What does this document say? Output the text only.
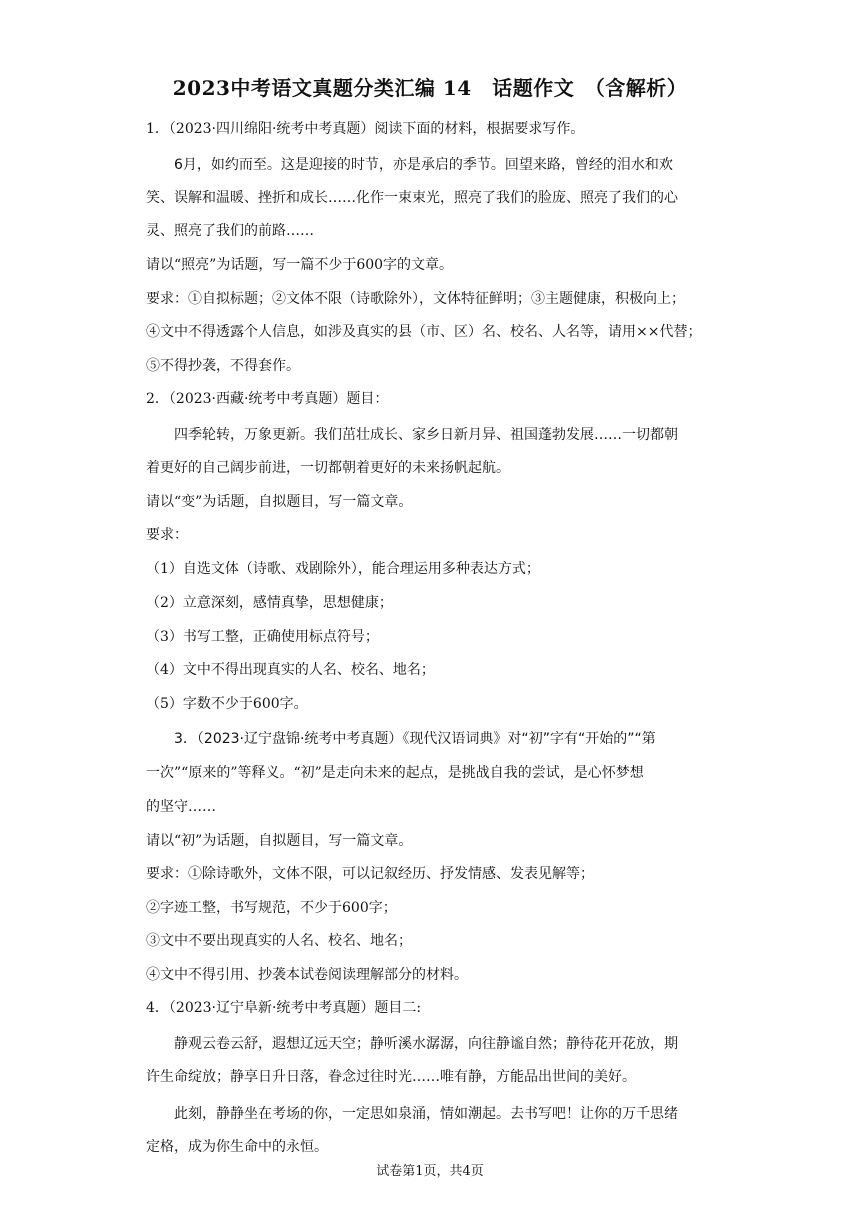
2023中考语文真题分类汇编 14　话题作文　（含解析）
1．（2023·四川绵阳·统考中考真题）阅读下面的材料，根据要求写作。
6月，如约而至。这是迎接的时节，亦是承启的季节。回望来路，曾经的泪水和欢
笑、误解和温暖、挫折和成长……化作一束束光，照亮了我们的脸庞、照亮了我们的心
灵、照亮了我们的前路……
请以“照亮”为话题，写一篇不少于600字的文章。
要求：①自拟标题；②文体不限（诗歌除外），文体特征鲜明；③主题健康，积极向上；
④文中不得透露个人信息，如涉及真实的县（市、区）名、校名、人名等，请用××代替；
⑤不得抄袭，不得套作。
2．（2023·西藏·统考中考真题）题目：
四季轮转，万象更新。我们茁壮成长、家乡日新月异、祖国蓬勃发展……一切都朝
着更好的自己阔步前进，一切都朝着更好的未来扬帆起航。
请以“变”为话题，自拟题目，写一篇文章。
要求：
（1）自选文体（诗歌、戏剧除外），能合理运用多种表达方式；
（2）立意深刻，感情真挚，思想健康；
（3）书写工整，正确使用标点符号；
（4）文中不得出现真实的人名、校名、地名；
（5）字数不少于600字。
3．（2023·辽宁盘锦·统考中考真题）《现代汉语词典》对“初”字有“开始的”“第
一次”“原来的”等释义。“初”是走向未来的起点，是挑战自我的尝试，是心怀梦想
的坚守……
请以“初”为话题，自拟题目，写一篇文章。
要求：①除诗歌外，文体不限，可以记叙经历、抒发情感、发表见解等；
②字迹工整，书写规范，不少于600字；
③文中不要出现真实的人名、校名、地名；
④文中不得引用、抄袭本试卷阅读理解部分的材料。
4．（2023·辽宁阜新·统考中考真题）题目二:
静观云卷云舒，遐想辽远天空；静听溪水潺潺，向往静谧自然；静待花开花放，期
许生命绽放；静享日升日落，眷念过往时光……唯有静，方能品出世间的美好。
此刻，静静坐在考场的你，一定思如泉涌，情如潮起。去书写吧！让你的万千思绪
定格，成为你生命中的永恒。
试卷第1页，共4页
